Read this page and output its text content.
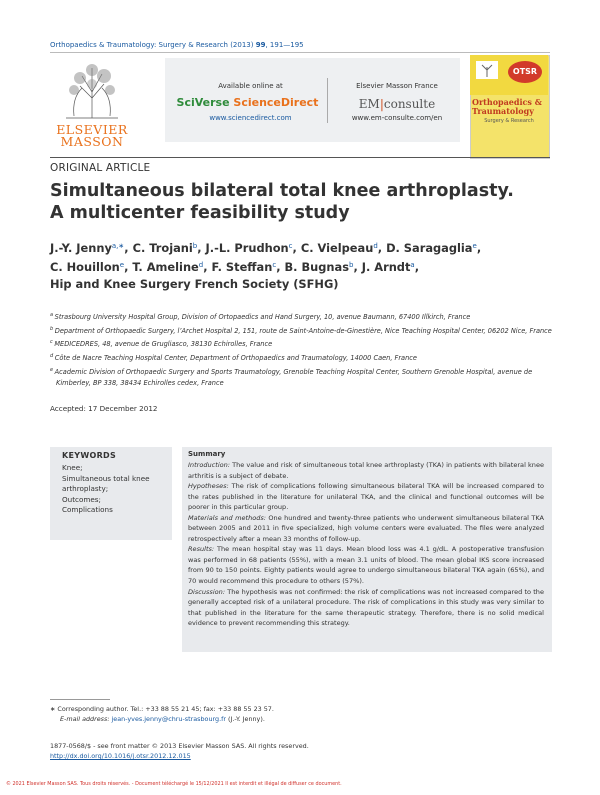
Orthopaedics & Traumatology: Surgery & Research (2013) 99, 191—195
ELSEVIER MASSON
Available online at
SciVerse ScienceDirect
www.sciencedirect.com
Elsevier Masson France
EM|consulte
www.em-consulte.com/en
OTSR
Orthopaedics & Traumatology
Surgery & Research
ORIGINAL ARTICLE
Simultaneous bilateral total knee arthroplasty.
A multicenter feasibility study
J.-Y. Jenny$^{a,∗}$, C. Trojani$^b$, J.-L. Prudhon$^c$, C. Vielpeau$^d$, D. Saragaglia$^e$,
C. Houillon$^e$, T. Ameline$^d$, F. Steffan$^c$, B. Bugnas$^b$, J. Arndt$^a$,
Hip and Knee Surgery French Society (SFHG)
$^a$ Strasbourg University Hospital Group, Division of Ortopaedics and Hand Surgery, 10, avenue Baumann, 67400 Illkirch, France
$^b$ Department of Orthopaedic Surgery, l’Archet Hospital 2, 151, route de Saint-Antoine-de-Ginestière, Nice Teaching Hospital Center, 06202 Nice, France
$^c$ MEDICEDRES, 48, avenue de Grugliasco, 38130 Echirolles, France
$^d$ Côte de Nacre Teaching Hospital Center, Department of Orthopaedics and Traumatology, 14000 Caen, France
$^e$ Academic Division of Orthopaedic Surgery and Sports Traumatology, Grenoble Teaching Hospital Center, Southern Grenoble Hospital, avenue de Kimberley, BP 338, 38434 Echirolles cedex, France
Accepted: 17 December 2012
KEYWORDS
Knee;
Simultaneous total knee arthroplasty;
Outcomes;
Complications
Summary
Introduction: The value and risk of simultaneous total knee arthroplasty (TKA) in patients with bilateral knee arthritis is a subject of debate.
Hypotheses: The risk of complications following simultaneous bilateral TKA will be increased compared to the rates published in the literature for unilateral TKA, and the clinical and functional outcomes will be poorer in this particular group.
Materials and methods: One hundred and twenty-three patients who underwent simultaneous bilateral TKA between 2005 and 2011 in five specialized, high volume centers were evaluated. The files were analyzed retrospectively after a mean 33 months of follow-up.
Results: The mean hospital stay was 11 days. Mean blood loss was 4.1 g/dL. A postoperative transfusion was performed in 68 patients (55%), with a mean 3.1 units of blood. The mean global IKS score increased from 90 to 150 points. Eighty patients would agree to undergo simultaneous bilateral TKA again (65%), and 70 would recommend this procedure to others (57%).
Discussion: The hypothesis was not confirmed: the risk of complications was not increased compared to the generally accepted risk of a unilateral procedure. The risk of complications in this study was very similar to that published in the literature for the same therapeutic strategy. Therefore, there is no solid medical evidence to prevent recommending this strategy.
∗ Corresponding author. Tel.: +33 88 55 21 45; fax: +33 88 55 23 57.
E-mail address: jean-yves.jenny@chru-strasbourg.fr (J.-Y. Jenny).
1877-0568/$ - see front matter © 2013 Elsevier Masson SAS. All rights reserved.
http://dx.doi.org/10.1016/j.otsr.2012.12.015
© 2021 Elsevier Masson SAS. Tous droits réservés. - Document téléchargé le 15/12/2021 Il est interdit et illégal de diffuser ce document.
